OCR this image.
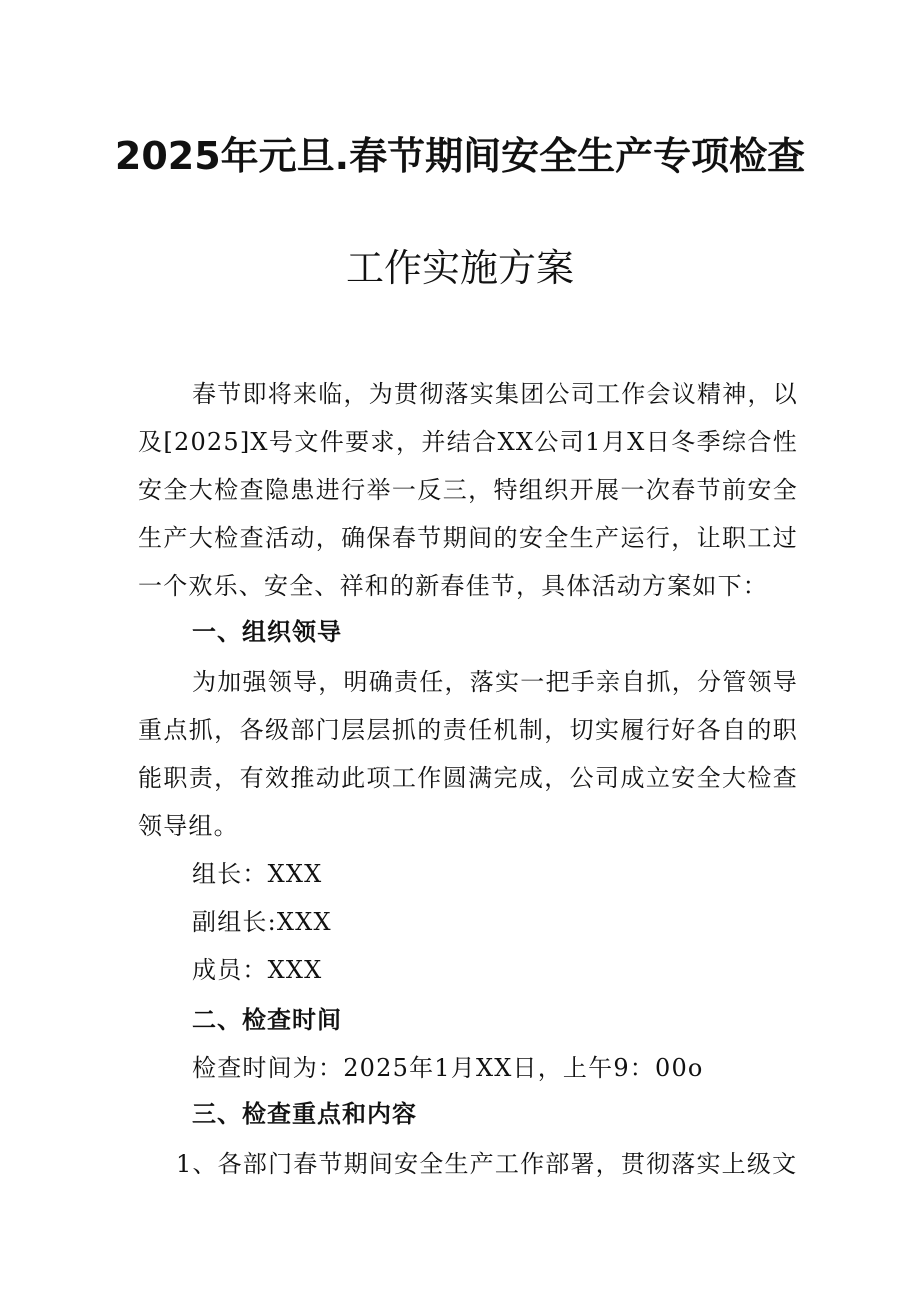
2025年元旦.春节期间安全生产专项检查
工作实施方案
春节即将来临，为贯彻落实集团公司工作会议精神，以及[2025]X号文件要求，并结合XX公司1月X日冬季综合性安全大检查隐患进行举一反三，特组织开展一次春节前安全生产大检查活动，确保春节期间的安全生产运行，让职工过一个欢乐、安全、祥和的新春佳节，具体活动方案如下：
一、组织领导
为加强领导，明确责任，落实一把手亲自抓，分管领导重点抓，各级部门层层抓的责任机制，切实履行好各自的职能职责，有效推动此项工作圆满完成，公司成立安全大检查领导组。
组长：XXX
副组长:XXX
成员：XXX
二、检查时间
检查时间为：2025年1月XX日，上午9：00o
三、检查重点和内容
1、各部门春节期间安全生产工作部署，贯彻落实上级文
